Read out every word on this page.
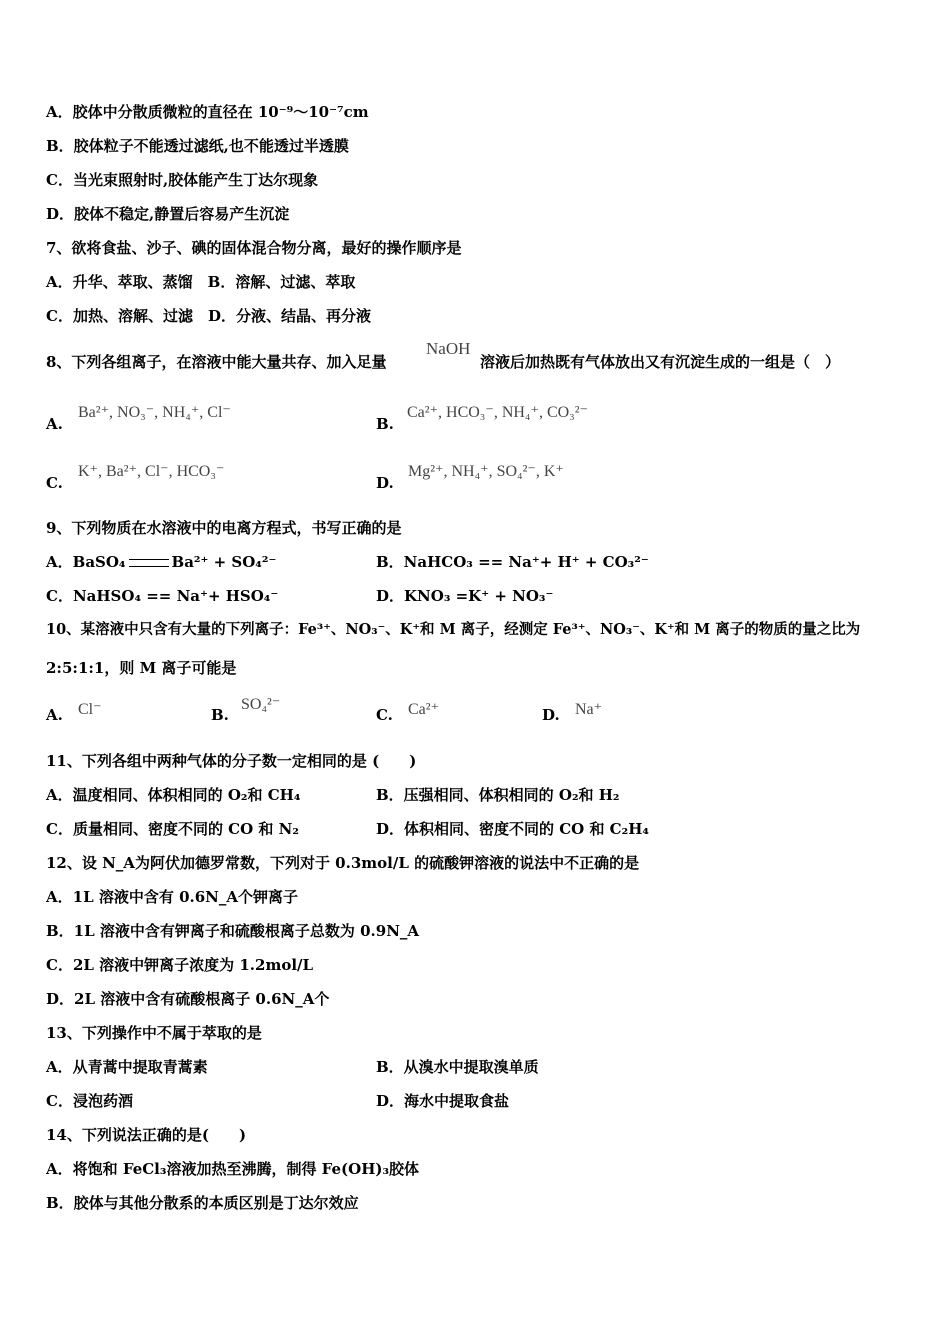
A．胶体中分散质微粒的直径在 10⁻⁹～10⁻⁷cm
B．胶体粒子不能透过滤纸,也不能透过半透膜
C．当光束照射时,胶体能产生丁达尔现象
D．胶体不稳定,静置后容易产生沉淀
7、欲将食盐、沙子、碘的固体混合物分离，最好的操作顺序是
A．升华、萃取、蒸馏　B．溶解、过滤、萃取
C．加热、溶解、过滤　D．分液、结晶、再分液
8、下列各组离子，在溶液中能大量共存、加入足量
NaOH
溶液后加热既有气体放出又有沉淀生成的一组是（　）
A.
Ba²⁺, NO₃⁻, NH₄⁺, Cl⁻
B.
Ca²⁺, HCO₃⁻, NH₄⁺, CO₃²⁻
C.
K⁺, Ba²⁺, Cl⁻, HCO₃⁻
D.
Mg²⁺, NH₄⁺, SO₄²⁻, K⁺
9、下列物质在水溶液中的电离方程式，书写正确的是
A．BaSO₄	Ba²⁺ + SO₄²⁻	B．NaHCO₃ == Na⁺+ H⁺ + CO₃²⁻
C．NaHSO₄ == Na⁺+ HSO₄⁻	D．KNO₃ =K⁺ + NO₃⁻
10、某溶液中只含有大量的下列离子：Fe³⁺、NO₃⁻、K⁺和 M 离子，经测定 Fe³⁺、NO₃⁻、K⁺和 M 离子的物质的量之比为
2:5:1:1，则 M 离子可能是
A. Cl⁻	B.
SO₄²⁻
C. Ca²⁺	D. Na⁺
11、下列各组中两种气体的分子数一定相同的是 (　　)
A．温度相同、体积相同的 O₂和 CH₄	B．压强相同、体积相同的 O₂和 H₂
C．质量相同、密度不同的 CO 和 N₂	D．体积相同、密度不同的 CO 和 C₂H₄
12、设 N_A为阿伏加德罗常数，下列对于 0.3mol/L 的硫酸钾溶液的说法中不正确的是
A．1L 溶液中含有 0.6N_A个钾离子
B．1L 溶液中含有钾离子和硫酸根离子总数为 0.9N_A
C．2L 溶液中钾离子浓度为 1.2mol/L
D．2L 溶液中含有硫酸根离子 0.6N_A个
13、下列操作中不属于萃取的是
A．从青蒿中提取青蒿素	B．从溴水中提取溴单质
C．浸泡药酒	D．海水中提取食盐
14、下列说法正确的是(　　)
A．将饱和 FeCl₃溶液加热至沸腾，制得 Fe(OH)₃胶体
B．胶体与其他分散系的本质区别是丁达尔效应
